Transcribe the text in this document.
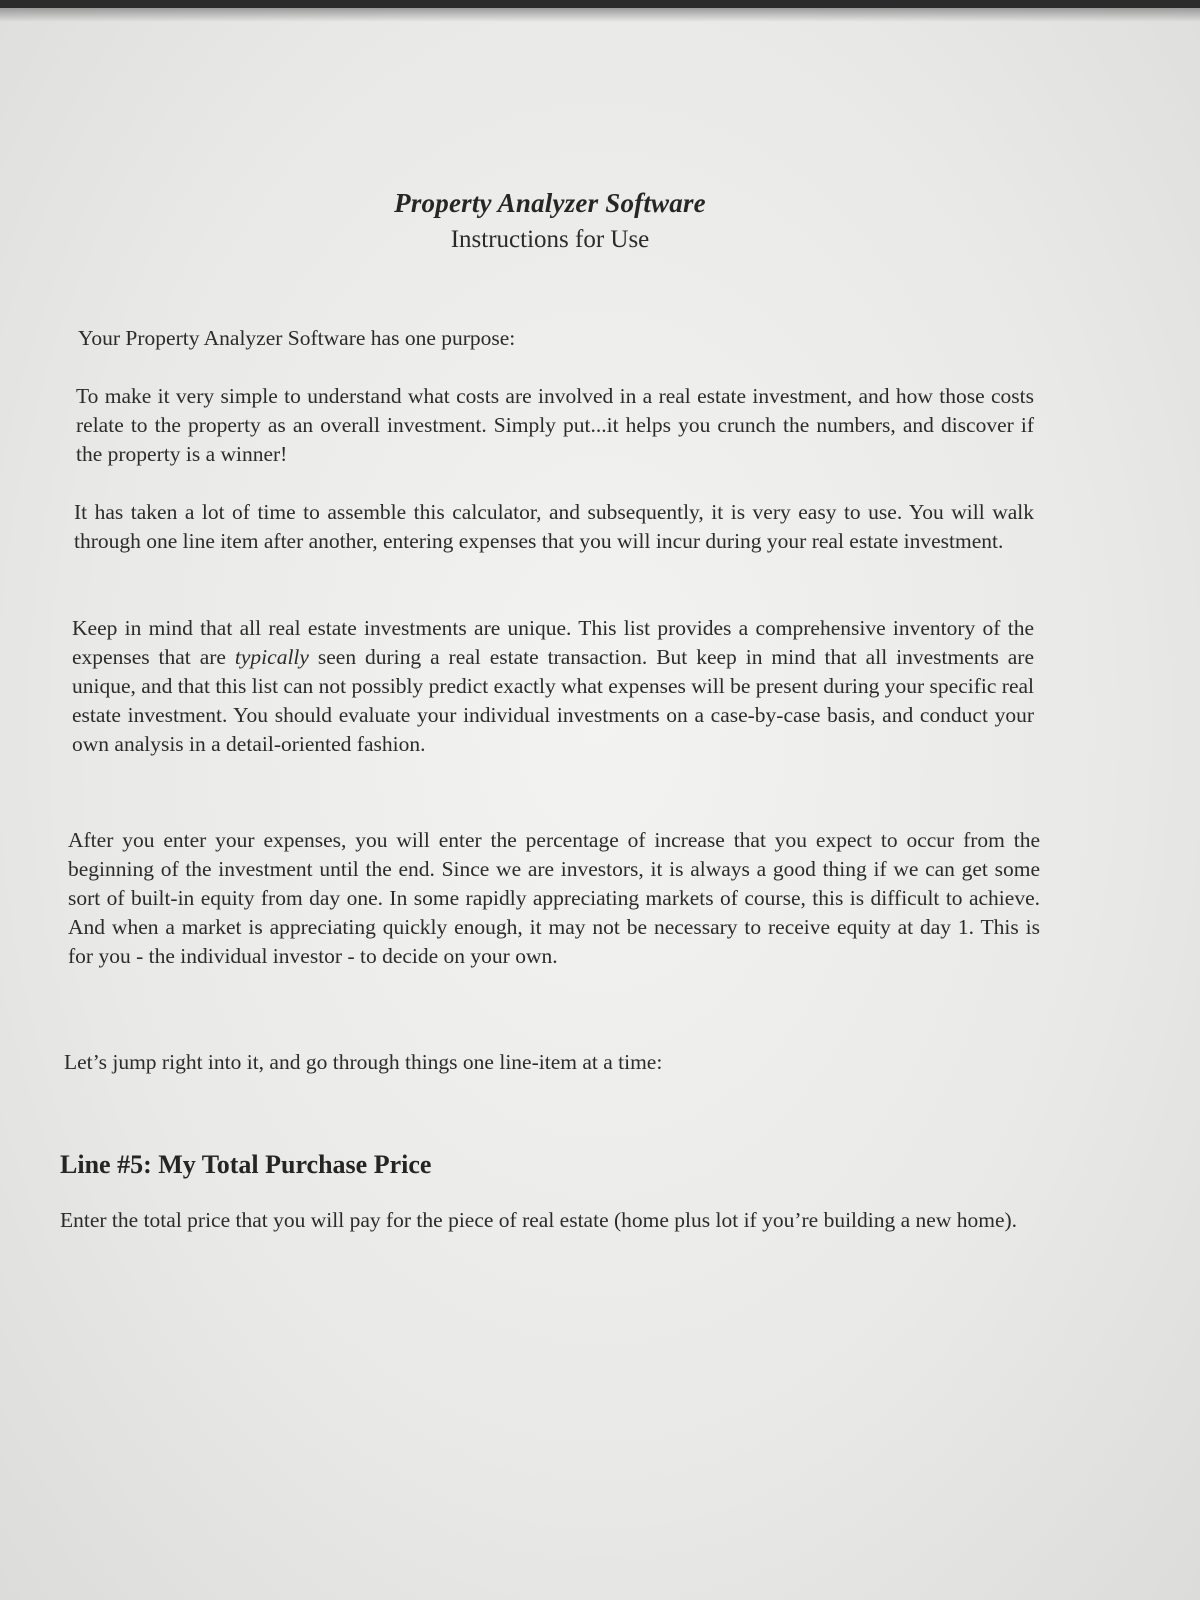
Property Analyzer Software
Instructions for Use
Your Property Analyzer Software has one purpose:
To make it very simple to understand what costs are involved in a real estate investment, and how those costs relate to the property as an overall investment. Simply put...it helps you crunch the numbers, and discover if the property is a winner!
It has taken a lot of time to assemble this calculator, and subsequently, it is very easy to use. You will walk through one line item after another, entering expenses that you will incur during your real estate investment.
Keep in mind that all real estate investments are unique. This list provides a comprehensive inventory of the expenses that are typically seen during a real estate transaction. But keep in mind that all investments are unique, and that this list can not possibly predict exactly what expenses will be present during your specific real estate investment. You should evaluate your individual investments on a case-by-case basis, and conduct your own analysis in a detail-oriented fashion.
After you enter your expenses, you will enter the percentage of increase that you expect to occur from the beginning of the investment until the end. Since we are investors, it is always a good thing if we can get some sort of built-in equity from day one. In some rapidly appreciating markets of course, this is difficult to achieve. And when a market is appreciating quickly enough, it may not be necessary to receive equity at day 1. This is for you - the individual investor - to decide on your own.
Let’s jump right into it, and go through things one line-item at a time:
Line #5: My Total Purchase Price
Enter the total price that you will pay for the piece of real estate (home plus lot if you’re building a new home).
